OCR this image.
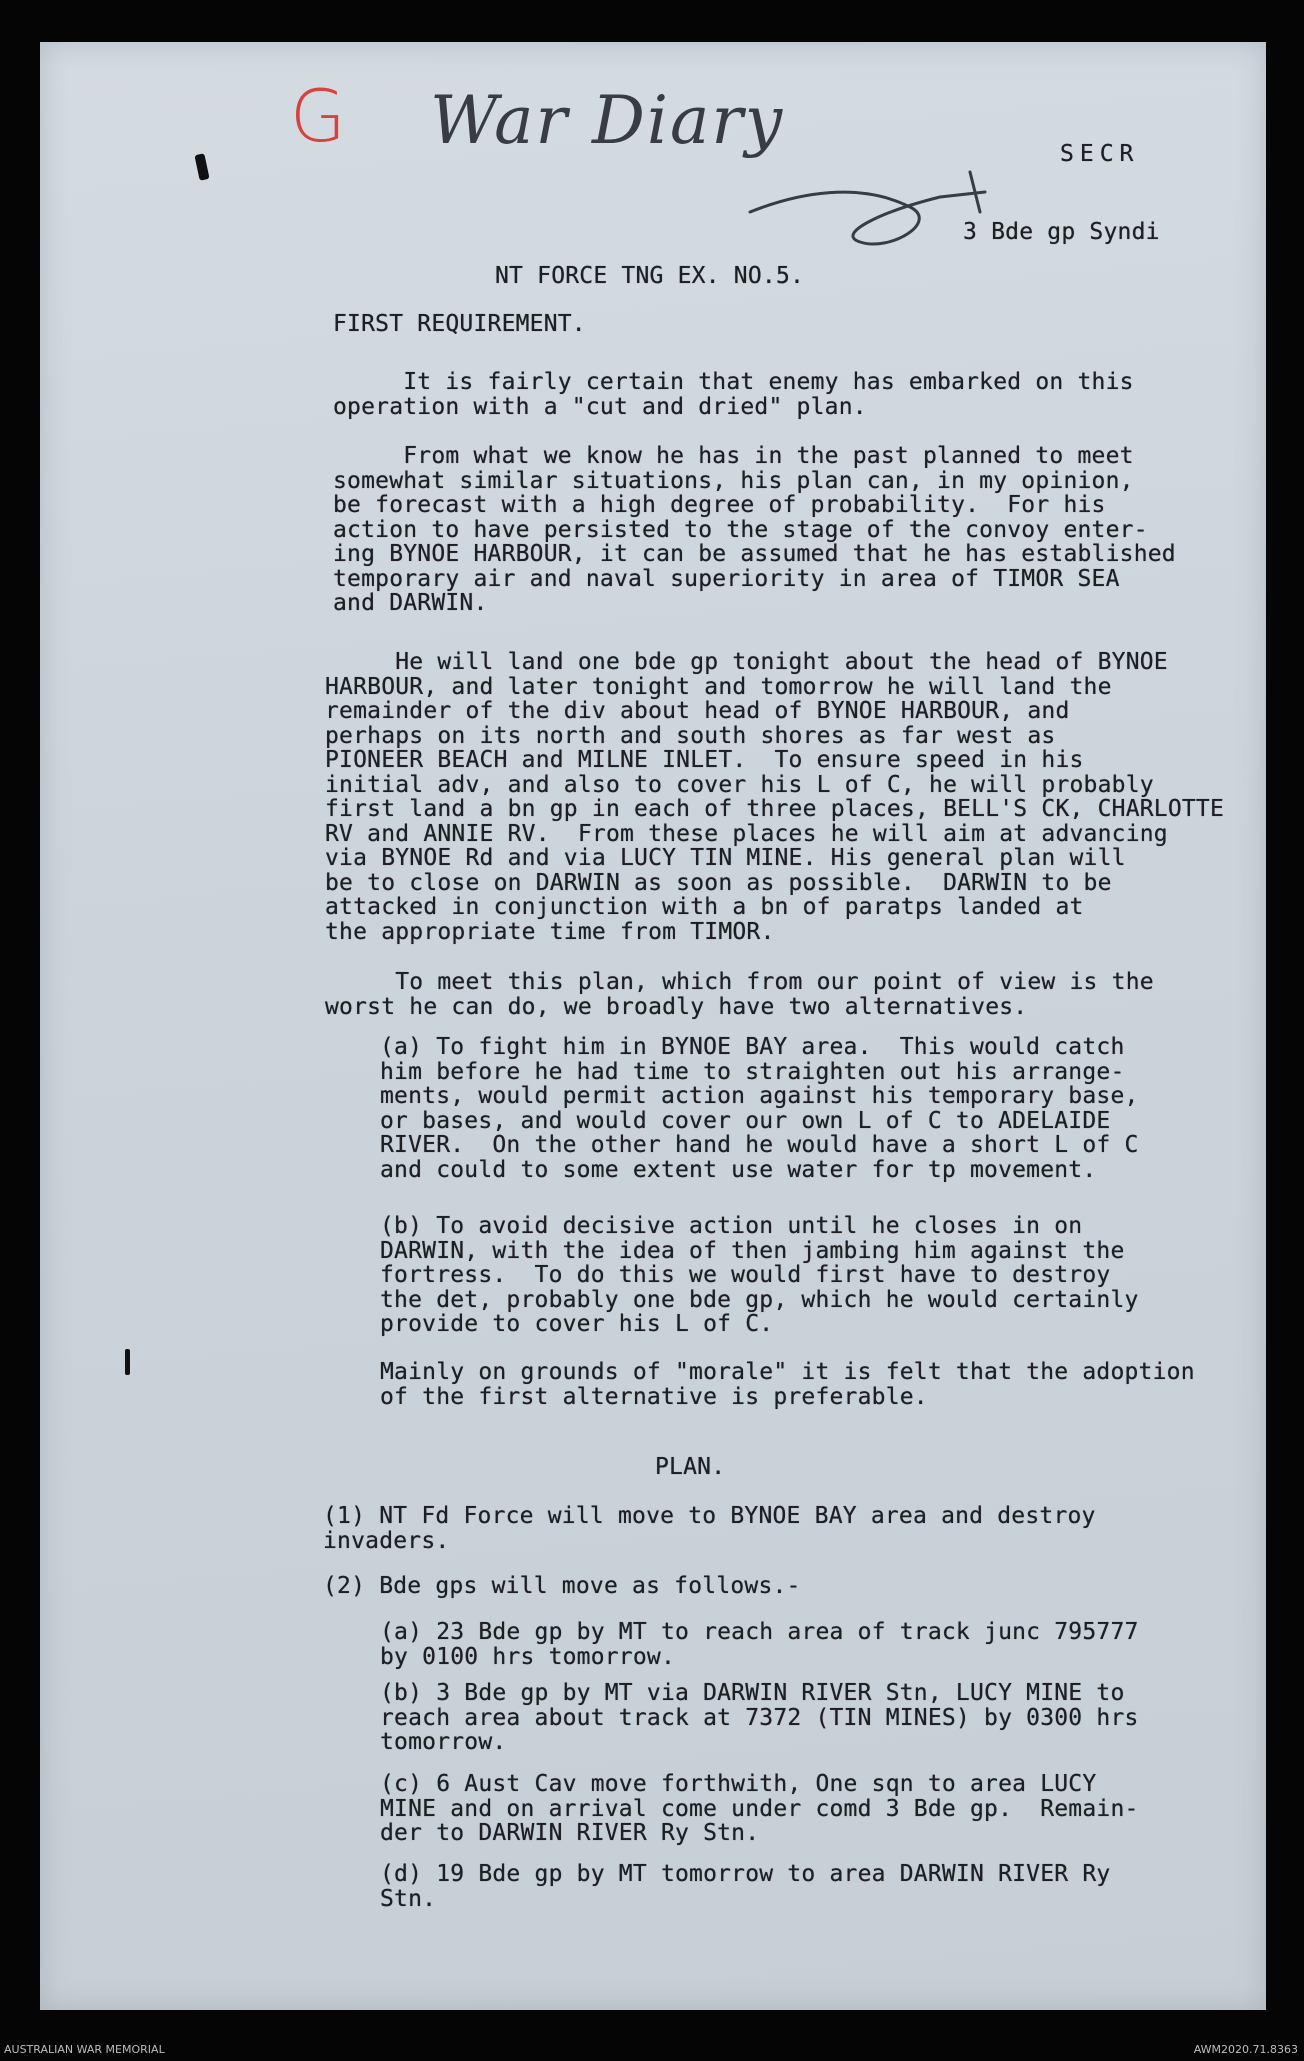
G War Diary	SECR
3 Bde gp Syndi
NT FORCE TNG EX. NO.5.
FIRST REQUIREMENT.
It is fairly certain that enemy has embarked on this
operation with a "cut and dried" plan.
From what we know he has in the past planned to meet
somewhat similar situations, his plan can, in my opinion,
be forecast with a high degree of probability.  For his
action to have persisted to the stage of the convoy enter-
ing BYNOE HARBOUR, it can be assumed that he has established
temporary air and naval superiority in area of TIMOR SEA
and DARWIN.
He will land one bde gp tonight about the head of BYNOE
HARBOUR, and later tonight and tomorrow he will land the
remainder of the div about head of BYNOE HARBOUR, and
perhaps on its north and south shores as far west as
PIONEER BEACH and MILNE INLET.  To ensure speed in his
initial adv, and also to cover his L of C, he will probably
first land a bn gp in each of three places, BELL'S CK, CHARLOTTE
RV and ANNIE RV.  From these places he will aim at advancing
via BYNOE Rd and via LUCY TIN MINE. His general plan will
be to close on DARWIN as soon as possible.  DARWIN to be
attacked in conjunction with a bn of paratps landed at
the appropriate time from TIMOR.
To meet this plan, which from our point of view is the
worst he can do, we broadly have two alternatives.
(a) To fight him in BYNOE BAY area.  This would catch
him before he had time to straighten out his arrange-
ments, would permit action against his temporary base,
or bases, and would cover our own L of C to ADELAIDE
RIVER.  On the other hand he would have a short L of C
and could to some extent use water for tp movement.
(b) To avoid decisive action until he closes in on
DARWIN, with the idea of then jambing him against the
fortress.  To do this we would first have to destroy
the det, probably one bde gp, which he would certainly
provide to cover his L of C.
Mainly on grounds of "morale" it is felt that the adoption
of the first alternative is preferable.
PLAN.
(1) NT Fd Force will move to BYNOE BAY area and destroy
invaders.
(2) Bde gps will move as follows.-
(a) 23 Bde gp by MT to reach area of track junc 795777
by 0100 hrs tomorrow.
(b) 3 Bde gp by MT via DARWIN RIVER Stn, LUCY MINE to
reach area about track at 7372 (TIN MINES) by 0300 hrs
tomorrow.
(c) 6 Aust Cav move forthwith, One sqn to area LUCY
MINE and on arrival come under comd 3 Bde gp.  Remain-
der to DARWIN RIVER Ry Stn.
(d) 19 Bde gp by MT tomorrow to area DARWIN RIVER Ry
Stn.
AUSTRALIAN WAR MEMORIAL	AWM2020.71.8363
